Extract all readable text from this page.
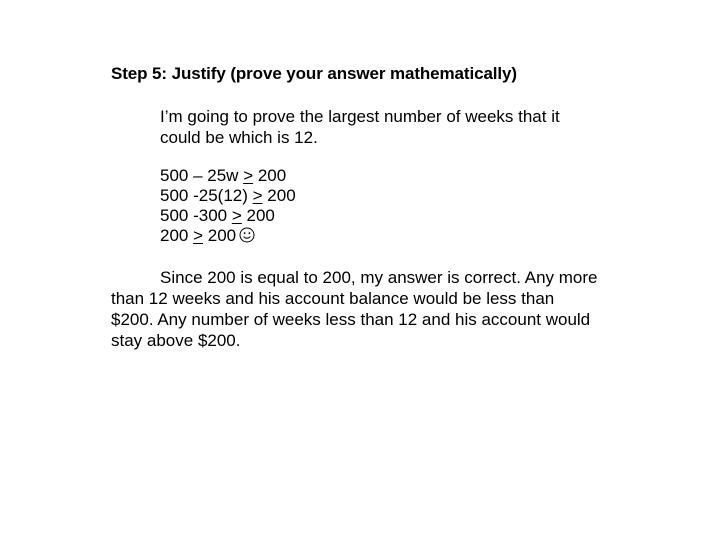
Step 5: Justify (prove your answer mathematically)

I’m going to prove the largest number of weeks that it could be which is 12.

500 – 25w > 200
500 -25(12) > 200
500 -300 > 200
200 > 200

Since 200 is equal to 200, my answer is correct. Any more than 12 weeks and his account balance would be less than $200. Any number of weeks less than 12 and his account would stay above $200.
